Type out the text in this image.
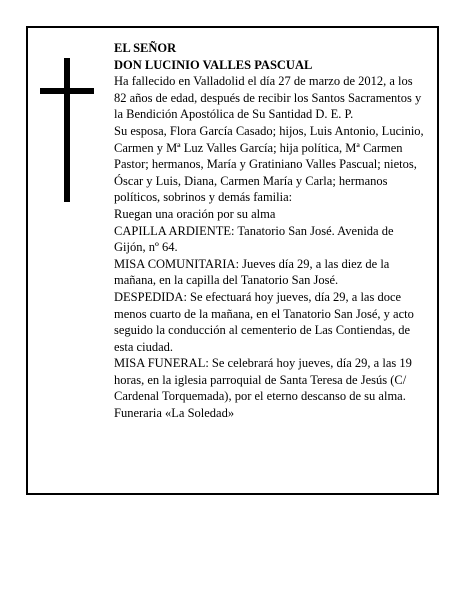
EL SEÑOR

DON LUCINIO VALLES PASCUAL

Ha fallecido en Valladolid el día 27 de marzo de 2012, a los 82 años de edad, después de recibir los Santos Sacramentos y la Bendición Apostólica de Su Santidad D. E. P.

Su esposa, Flora García Casado; hijos, Luis Antonio, Lucinio, Carmen y Mª Luz Valles García; hija política, Mª Carmen Pastor; hermanos, María y Gratiniano Valles Pascual; nietos, Óscar y Luis, Diana, Carmen María y Carla; hermanos políticos, sobrinos y demás familia:

Ruegan una oración por su alma

CAPILLA ARDIENTE: Tanatorio San José. Avenida de Gijón, nº 64.

MISA COMUNITARIA: Jueves día 29, a las diez de la mañana, en la capilla del Tanatorio San José.

DESPEDIDA: Se efectuará hoy jueves, día 29, a las doce menos cuarto de la mañana, en el Tanatorio San José, y acto seguido la conducción al cementerio de Las Contiendas, de esta ciudad.

MISA FUNERAL: Se celebrará hoy jueves, día 29, a las 19 horas, en la iglesia parroquial de Santa Teresa de Jesús (C/ Cardenal Torquemada), por el eterno descanso de su alma.

Funeraria «La Soledad»
